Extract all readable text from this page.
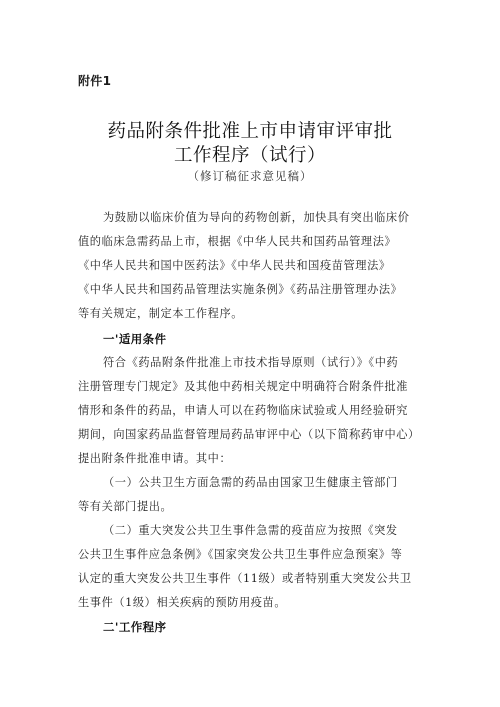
附件1
药品附条件批准上市申请审评审批
工作程序（试行）
（修订稿征求意见稿）
为鼓励以临床价值为导向的药物创新，加快具有突出临床价
值的临床急需药品上市，根据《中华人民共和国药品管理法》
《中华人民共和国中医药法》《中华人民共和国疫苗管理法》
《中华人民共和国药品管理法实施条例》《药品注册管理办法》
等有关规定，制定本工作程序。
一'适用条件
符合《药品附条件批准上市技术指导原则（试行）》《中药
注册管理专门规定》及其他中药相关规定中明确符合附条件批准
情形和条件的药品，申请人可以在药物临床试验或人用经验研究
期间，向国家药品监督管理局药品审评中心（以下简称药审中心）
提出附条件批准申请。其中：
（一）公共卫生方面急需的药品由国家卫生健康主管部门
等有关部门提出。
（二）重大突发公共卫生事件急需的疫苗应为按照《突发
公共卫生事件应急条例》《国家突发公共卫生事件应急预案》等
认定的重大突发公共卫生事件（11级）或者特别重大突发公共卫
生事件（1级）相关疾病的预防用疫苗。
二'工作程序
